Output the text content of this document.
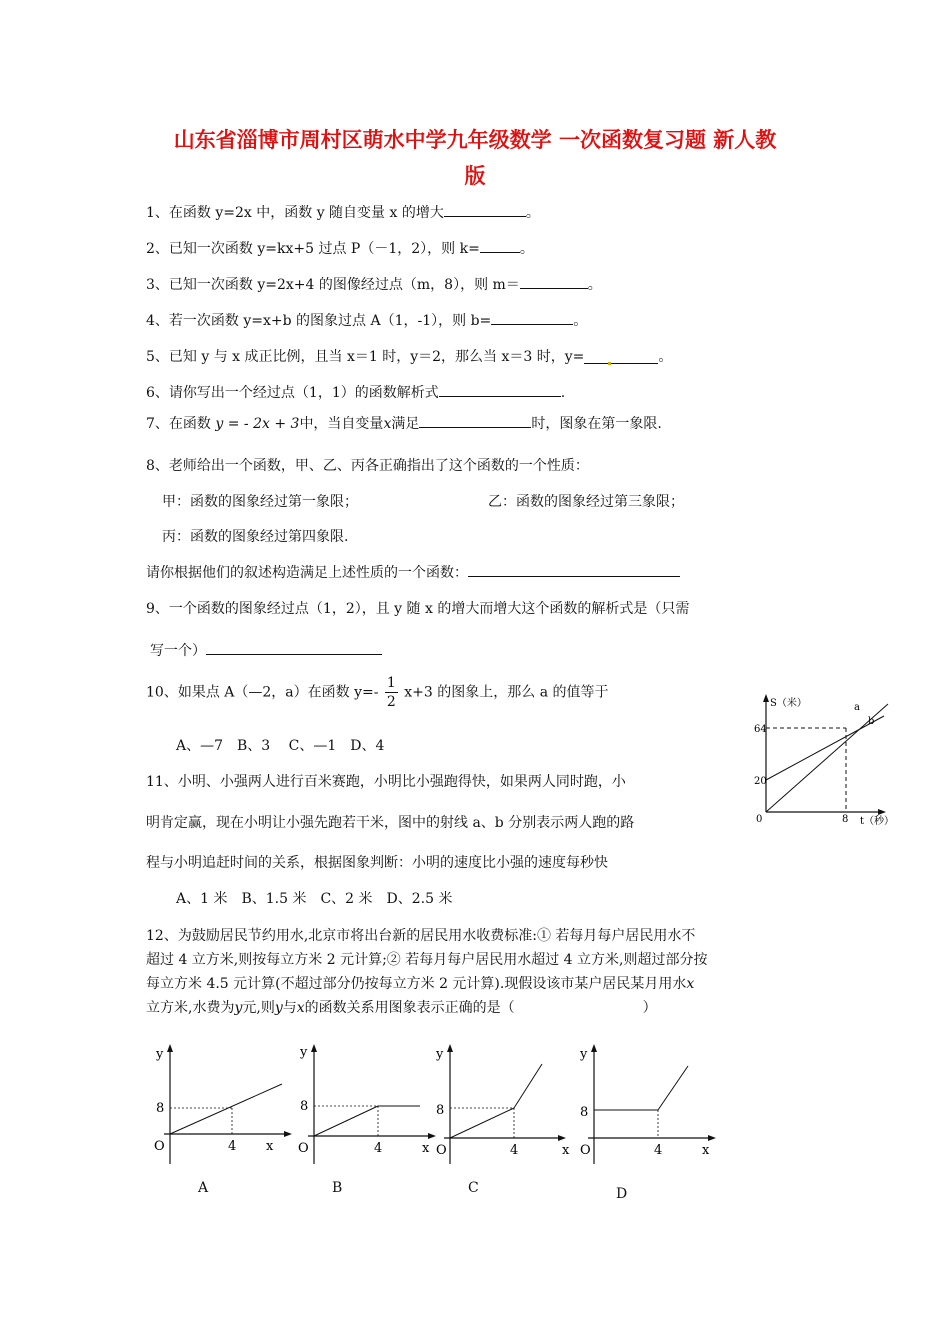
山东省淄博市周村区萌水中学九年级数学 一次函数复习题 新人教
版
1、在函数 y=2x 中，函数 y 随自变量 x 的增大	。
2、已知一次函数 y=kx+5 过点 P（－1，2），则 k=	。
3、已知一次函数 y=2x+4 的图像经过点（m，8），则 m＝	。
4、若一次函数 y=x+b 的图象过点 A（1，-1），则 b=	。
5、已知 y 与 x 成正比例，且当 x＝1 时，y＝2，那么当 x＝3 时，y=	。
6、请你写出一个经过点（1，1）的函数解析式	.
7、在函数 y = - 2x + 3中，当自变量x满足	时，图象在第一象限.
8、老师给出一个函数，甲、乙、丙各正确指出了这个函数的一个性质：
甲：函数的图象经过第一象限；	乙：函数的图象经过第三象限；
丙：函数的图象经过第四象限.
请你根据他们的叙述构造满足上述性质的一个函数：
9、一个函数的图象经过点（1，2），且 y 随 x 的增大而增大这个函数的解析式是（只需
写一个）
10、如果点 A（—2，a）在函数 $y=- \frac{1}{2} x+3$ 的图象上，那么 a 的值等于
A、—7　B、3　 C、—1　D、4
11、小明、小强两人进行百米赛跑，小明比小强跑得快，如果两人同时跑，小
明肯定赢，现在小明让小强先跑若干米，图中的射线 a、b 分别表示两人跑的路
程与小明追赶时间的关系，根据图象判断：小明的速度比小强的速度每秒快
A、1 米　B、1.5 米　C、2 米　D、2.5 米
S（米）
t（秒）
64
20
0	8
a
b
12、为鼓励居民节约用水,北京市将出台新的居民用水收费标准:① 若每月每户居民用水不
超过 4 立方米,则按每立方米 2 元计算;② 若每月每户居民用水超过 4 立方米,则超过部分按
每立方米 4.5 元计算(不超过部分仍按每立方米 2 元计算).现假设该市某户居民某月用水x
立方米,水费为y元,则y与x的函数关系用图象表示正确的是（	）
y
8
O	4 x
A
y
8
O	4	x
B
y
8
O	4	x
C
y
8
O	4	x
D
